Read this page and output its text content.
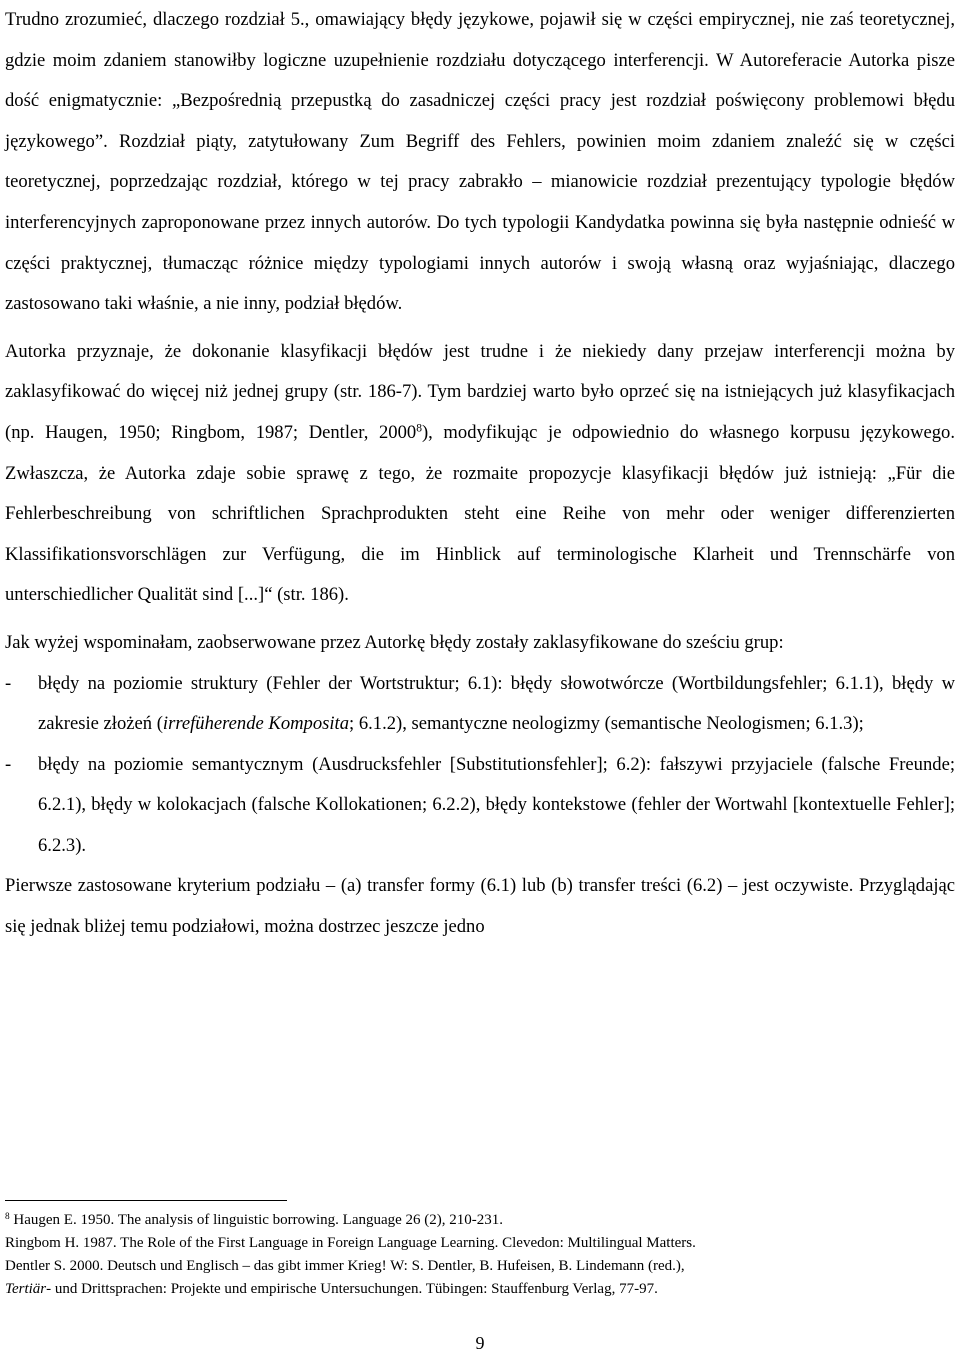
Trudno zrozumieć, dlaczego rozdział 5., omawiający błędy językowe, pojawił się w części empirycznej, nie zaś teoretycznej, gdzie moim zdaniem stanowiłby logiczne uzupełnienie rozdziału dotyczącego interferencji. W Autoreferacie Autorka pisze dość enigmatycznie: „Bezpośrednią przepustką do zasadniczej części pracy jest rozdział poświęcony problemowi błędu językowego”. Rozdział piąty, zatytułowany Zum Begriff des Fehlers, powinien moim zdaniem znaleźć się w części teoretycznej, poprzedzając rozdział, którego w tej pracy zabrakło – mianowicie rozdział prezentujący typologie błędów interferencyjnych zaproponowane przez innych autorów. Do tych typologii Kandydatka powinna się była następnie odnieść w części praktycznej, tłumacząc różnice między typologiami innych autorów i swoją własną oraz wyjaśniając, dlaczego zastosowano taki właśnie, a nie inny, podział błędów.

Autorka przyznaje, że dokonanie klasyfikacji błędów jest trudne i że niekiedy dany przejaw interferencji można by zaklasyfikować do więcej niż jednej grupy (str. 186-7). Tym bardziej warto było oprzeć się na istniejących już klasyfikacjach (np. Haugen, 1950; Ringbom, 1987; Dentler, 2000$^8$), modyfikując je odpowiednio do własnego korpusu językowego. Zwłaszcza, że Autorka zdaje sobie sprawę z tego, że rozmaite propozycje klasyfikacji błędów już istnieją: „Für die Fehlerbeschreibung von schriftlichen Sprachprodukten steht eine Reihe von mehr oder weniger differenzierten Klassifikationsvorschlägen zur Verfügung, die im Hinblick auf terminologische Klarheit und Trennschärfe von unterschiedlicher Qualität sind [...]“ (str. 186).

Jak wyżej wspominałam, zaobserwowane przez Autorkę błędy zostały zaklasyfikowane do sześciu grup:

- błędy na poziomie struktury (Fehler der Wortstruktur; 6.1): błędy słowotwórcze (Wortbildungsfehler; 6.1.1), błędy w zakresie złożeń (irrefüherende Komposita; 6.1.2), semantyczne neologizmy (semantische Neologismen; 6.1.3);
- błędy na poziomie semantycznym (Ausdrucksfehler [Substitutionsfehler]; 6.2): fałszywi przyjaciele (falsche Freunde; 6.2.1), błędy w kolokacjach (falsche Kollokationen; 6.2.2), błędy kontekstowe (fehler der Wortwahl [kontextuelle Fehler]; 6.2.3).

Pierwsze zastosowane kryterium podziału – (a) transfer formy (6.1) lub (b) transfer treści (6.2) – jest oczywiste. Przyglądając się jednak bliżej temu podziałowi, można dostrzec jeszcze jedno

$^8$ Haugen E. 1950. The analysis of linguistic borrowing. Language 26 (2), 210-231.
Ringbom H. 1987. The Role of the First Language in Foreign Language Learning. Clevedon: Multilingual Matters.
Dentler S. 2000. Deutsch und Englisch – das gibt immer Krieg! W: S. Dentler, B. Hufeisen, B. Lindemann (red.),
Tertiär- und Drittsprachen: Projekte und empirische Untersuchungen. Tübingen: Stauffenburg Verlag, 77-97.
9
